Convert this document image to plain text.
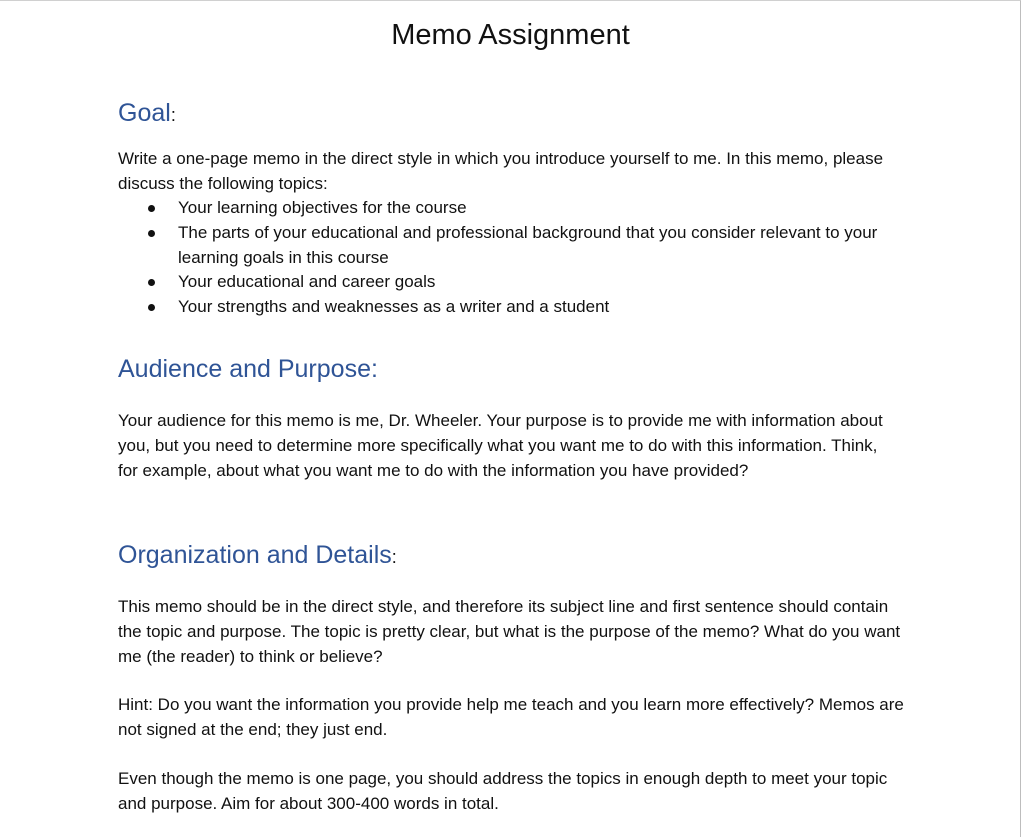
Memo Assignment
Goal:
Write a one-page memo in the direct style in which you introduce yourself to me. In this memo, please discuss the following topics:
Your learning objectives for the course
The parts of your educational and professional background that you consider relevant to your learning goals in this course
Your educational and career goals
Your strengths and weaknesses as a writer and a student
Audience and Purpose:
Your audience for this memo is me, Dr. Wheeler. Your purpose is to provide me with information about you, but you need to determine more specifically what you want me to do with this information. Think, for example, about what you want me to do with the information you have provided?
Organization and Details:
This memo should be in the direct style, and therefore its subject line and first sentence should contain the topic and purpose. The topic is pretty clear, but what is the purpose of the memo? What do you want me (the reader) to think or believe?
Hint: Do you want the information you provide help me teach and you learn more effectively? Memos are not signed at the end; they just end.
Even though the memo is one page, you should address the topics in enough depth to meet your topic and purpose. Aim for about 300-400 words in total.
